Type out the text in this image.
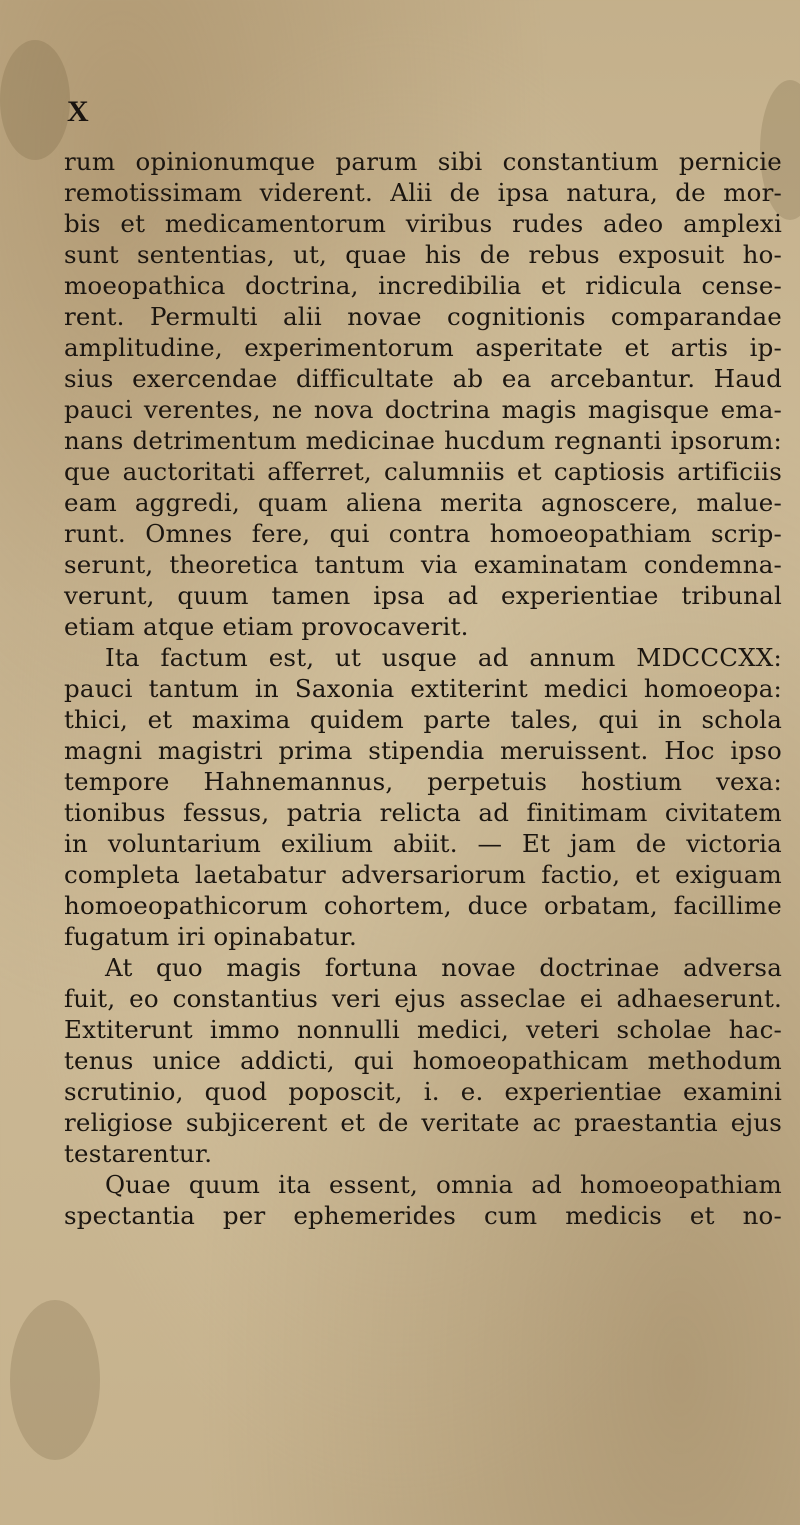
X
rum opinionumque parum sibi constantium pernicie
remotissimam viderent. Alii de ipsa natura, de mor-
bis et medicamentorum viribus rudes adeo amplexi
sunt sententias, ut, quae his de rebus exposuit ho-
moeopathica doctrina, incredibilia et ridicula cense-
rent. Permulti alii novae cognitionis comparandae
amplitudine, experimentorum asperitate et artis ip-
sius exercendae difficultate ab ea arcebantur. Haud
pauci verentes, ne nova doctrina magis magisque ema-
nans detrimentum medicinae hucdum regnanti ipsorum:
que auctoritati afferret, calumniis et captiosis artificiis
eam aggredi, quam aliena merita agnoscere, malue-
runt. Omnes fere, qui contra homoeopathiam scrip-
serunt, theoretica tantum via examinatam condemna-
verunt, quum tamen ipsa ad experientiae tribunal
etiam atque etiam provocaverit.
Ita factum est, ut usque ad annum MDCCCXX:
pauci tantum in Saxonia extiterint medici homoeopa:
thici, et maxima quidem parte tales, qui in schola
magni magistri prima stipendia meruissent. Hoc ipso
tempore Hahnemannus, perpetuis hostium vexa:
tionibus fessus, patria relicta ad finitimam civitatem
in voluntarium exilium abiit. — Et jam de victoria
completa laetabatur adversariorum factio, et exiguam
homoeopathicorum cohortem, duce orbatam, facillime
fugatum iri opinabatur.
At quo magis fortuna novae doctrinae adversa
fuit, eo constantius veri ejus asseclae ei adhaeserunt.
Extiterunt immo nonnulli medici, veteri scholae hac-
tenus unice addicti, qui homoeopathicam methodum
scrutinio, quod poposcit, i. e. experientiae examini
religiose subjicerent et de veritate ac praestantia ejus
testarentur.
Quae quum ita essent, omnia ad homoeopathiam
spectantia per ephemerides cum medicis et no-
